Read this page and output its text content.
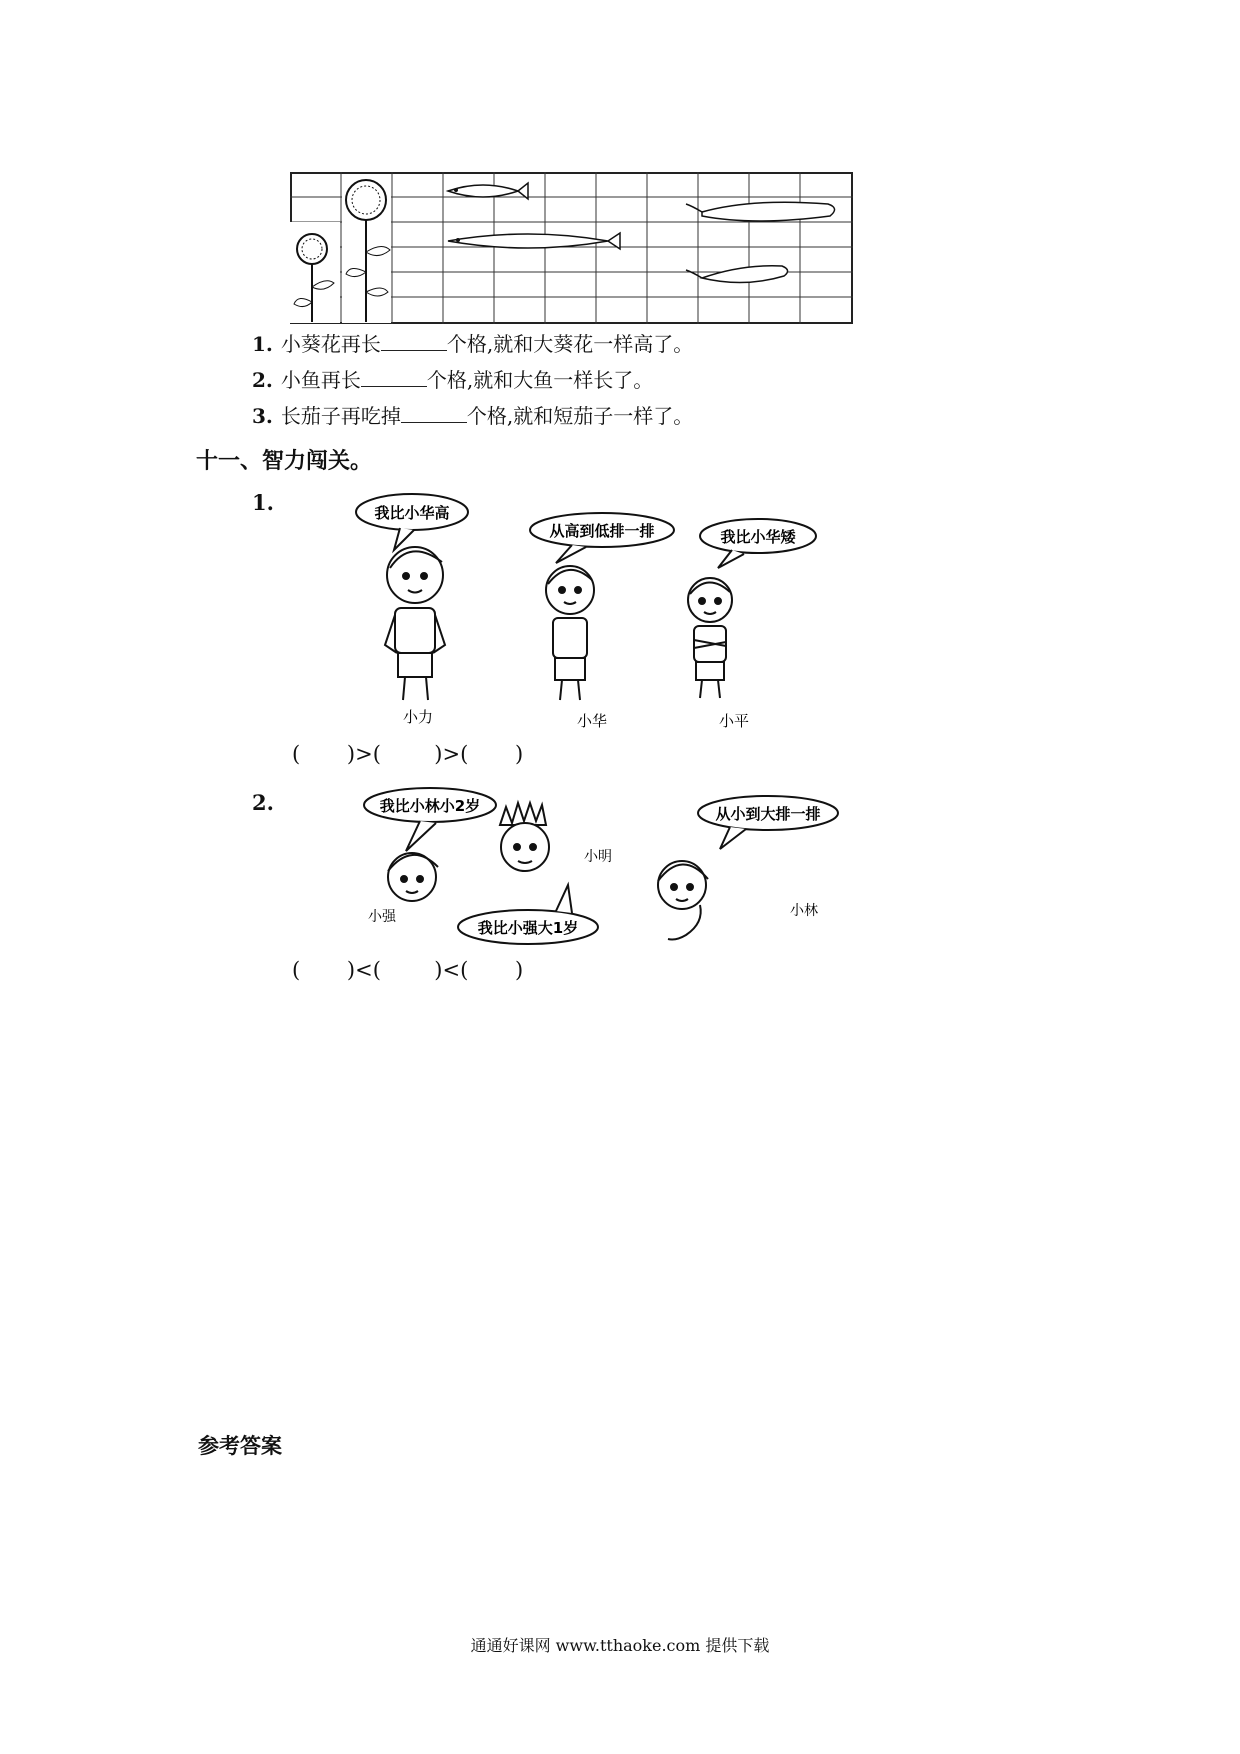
1. 小葵花再长	个格,就和大葵花一样高了。
2. 小鱼再长	个格,就和大鱼一样长了。
3. 长茄子再吃掉	个格,就和短茄子一样了。
十一、智力闯关。
1.	我比小华高
从高到低排一排	我比小华矮
小力	小华	小平
(       )>(        )>(       )
2.	我比小林小2岁	从小到大排一排
我比小强大1岁
小强
小明
小林
(       )<(        )<(       )
参考答案
通通好课网 www.tthaoke.com 提供下载
